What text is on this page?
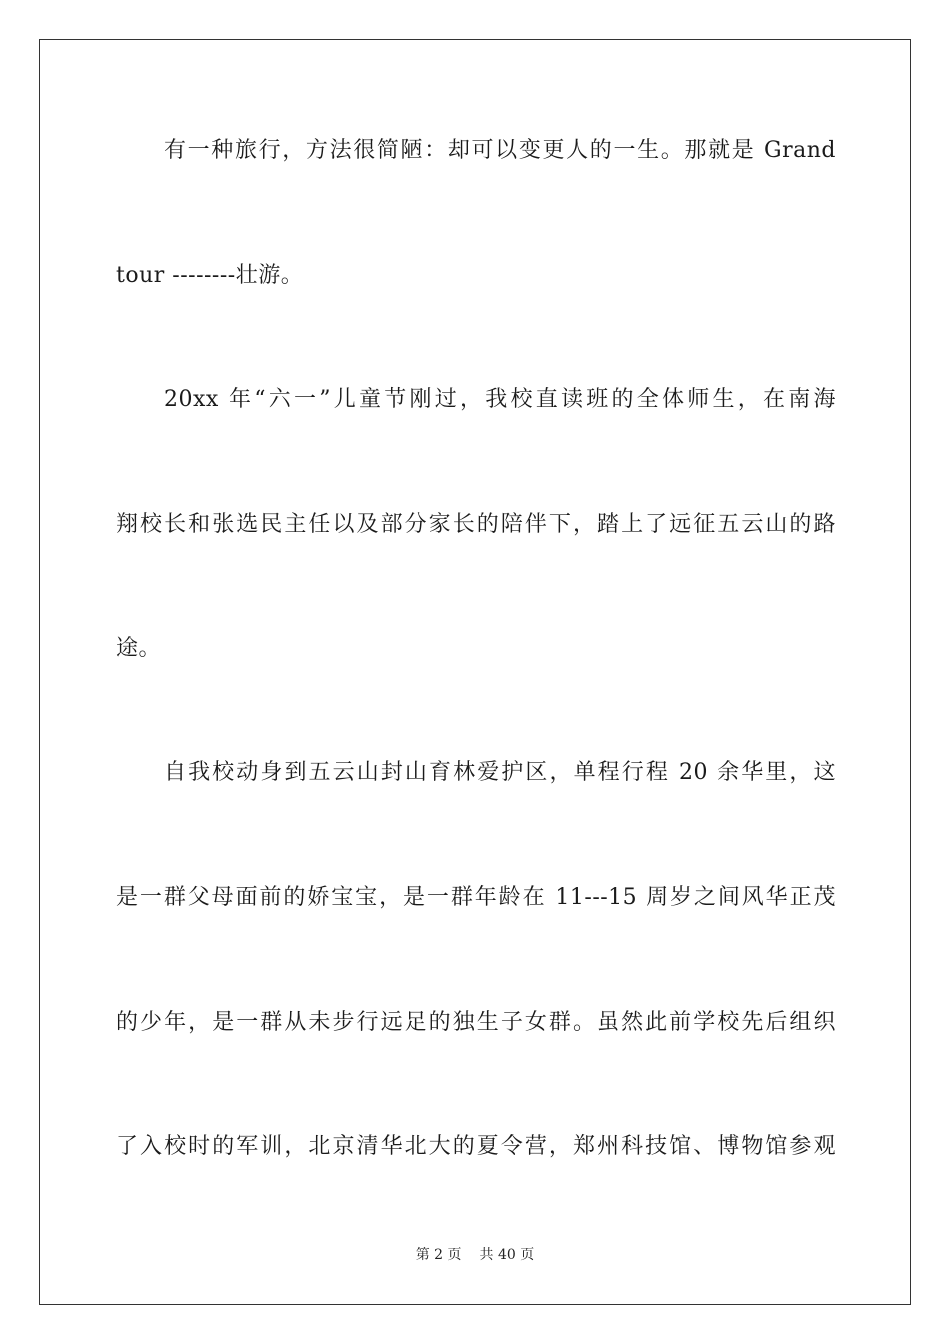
有一种旅行，方法很简陋：却可以变更人的一生。那就是 Grand
tour --------壮游。
20xx 年“六一”儿童节刚过，我校直读班的全体师生，在南海
翔校长和张选民主任以及部分家长的陪伴下，踏上了远征五云山的路
途。
自我校动身到五云山封山育林爱护区，单程行程 20 余华里，这
是一群父母面前的娇宝宝，是一群年龄在 11---15 周岁之间风华正茂
的少年，是一群从未步行远足的独生子女群。虽然此前学校先后组织
了入校时的军训，北京清华北大的夏令营，郑州科技馆、博物馆参观
第 2 页 共 40 页
